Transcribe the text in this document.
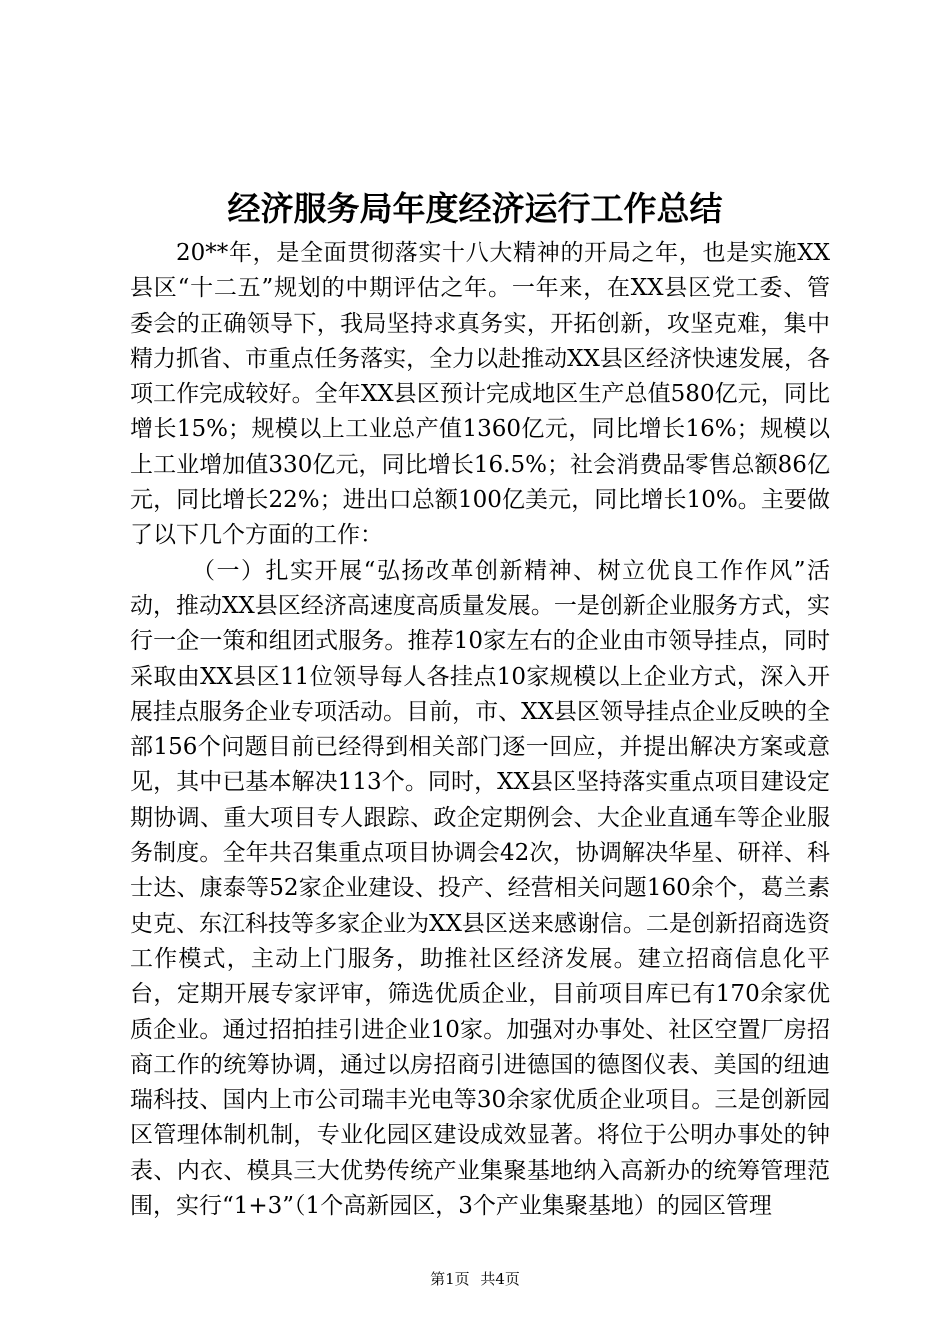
经济服务局年度经济运行工作总结

20**年，是全面贯彻落实十八大精神的开局之年，也是实施XX县区“十二五”规划的中期评估之年。一年来，在XX县区党工委、管委会的正确领导下，我局坚持求真务实，开拓创新，攻坚克难，集中精力抓省、市重点任务落实，全力以赴推动XX县区经济快速发展，各项工作完成较好。全年XX县区预计完成地区生产总值580亿元，同比增长15%；规模以上工业总产值1360亿元，同比增长16%；规模以上工业增加值330亿元，同比增长16.5%；社会消费品零售总额86亿元，同比增长22%；进出口总额100亿美元，同比增长10%。主要做了以下几个方面的工作：

（一）扎实开展“弘扬改革创新精神、树立优良工作作风”活动，推动XX县区经济高速度高质量发展。一是创新企业服务方式，实行一企一策和组团式服务。推荐10家左右的企业由市领导挂点，同时采取由XX县区11位领导每人各挂点10家规模以上企业方式，深入开展挂点服务企业专项活动。目前，市、XX县区领导挂点企业反映的全部156个问题目前已经得到相关部门逐一回应，并提出解决方案或意见，其中已基本解决113个。同时，XX县区坚持落实重点项目建设定期协调、重大项目专人跟踪、政企定期例会、大企业直通车等企业服务制度。全年共召集重点项目协调会42次，协调解决华星、研祥、科士达、康泰等52家企业建设、投产、经营相关问题160余个，葛兰素史克、东江科技等多家企业为XX县区送来感谢信。二是创新招商选资工作模式，主动上门服务，助推社区经济发展。建立招商信息化平台，定期开展专家评审，筛选优质企业，目前项目库已有170余家优质企业。通过招拍挂引进企业10家。加强对办事处、社区空置厂房招商工作的统筹协调，通过以房招商引进德国的德图仪表、美国的纽迪瑞科技、国内上市公司瑞丰光电等30余家优质企业项目。三是创新园区管理体制机制，专业化园区建设成效显著。将位于公明办事处的钟表、内衣、模具三大优势传统产业集聚基地纳入高新办的统筹管理范围，实行“1+3”（1个高新园区，3个产业集聚基地）的园区管理

第1页 共4页
